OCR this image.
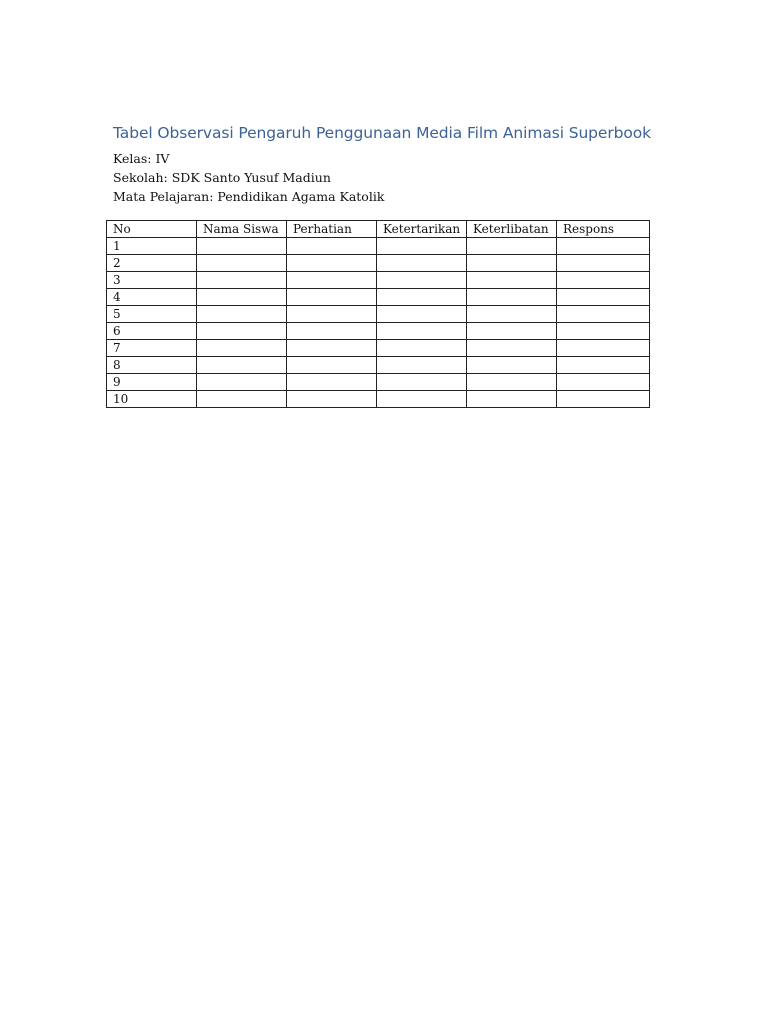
Tabel Observasi Pengaruh Penggunaan Media Film Animasi Superbook
Kelas: IV
Sekolah: SDK Santo Yusuf Madiun
Mata Pelajaran: Pendidikan Agama Katolik
No	Nama Siswa	Perhatian	Ketertarikan	Keterlibatan	Respons
1					
2					
3					
4					
5					
6					
7					
8					
9					
10					
